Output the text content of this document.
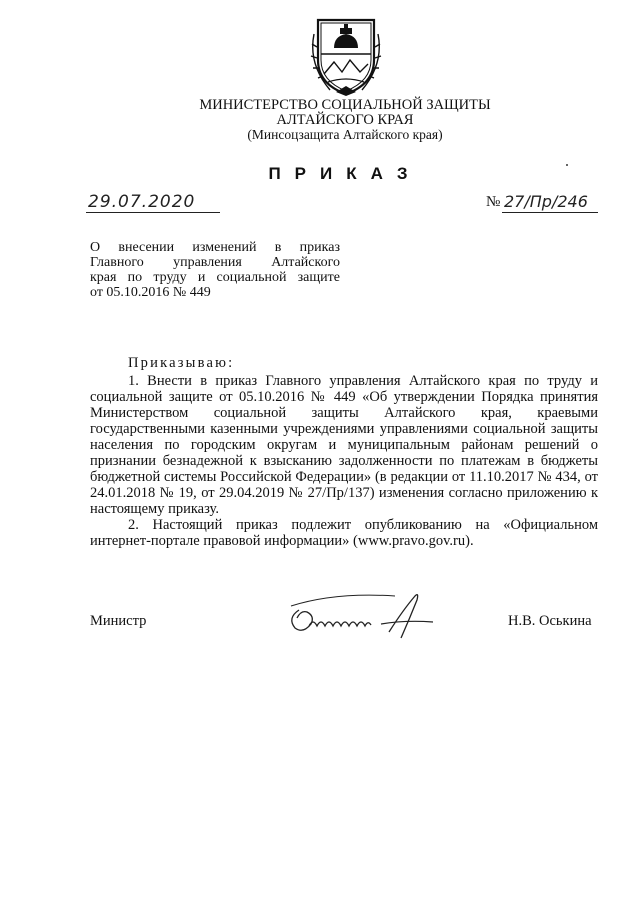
МИНИСТЕРСТВО СОЦИАЛЬНОЙ ЗАЩИТЫ
АЛТАЙСКОГО КРАЯ
(Минсоцзащита Алтайского края)
ПРИКАЗ
29.07.2020	№ 27/Пр/246
О внесении изменений в приказ
Главного управления Алтайского
края по труду и социальной защите
от 05.10.2016 № 449
Приказываю:

1. Внести в приказ Главного управления Алтайского края по труду и социальной защите от 05.10.2016 № 449 «Об утверждении Порядка принятия Министерством социальной защиты Алтайского края, краевыми государственными казенными учреждениями управлениями социальной защиты населения по городским округам и муниципальным районам решений о признании безнадежной к взысканию задолженности по платежам в бюджеты бюджетной системы Российской Федерации» (в редакции от 11.10.2017 № 434, от 24.01.2018 № 19, от 29.04.2019 № 27/Пр/137) изменения согласно приложению к настоящему приказу.

2. Настоящий приказ подлежит опубликованию на «Официальном интернет-портале правовой информации» (www.pravo.gov.ru).

Министр	Н.В. Оськина
